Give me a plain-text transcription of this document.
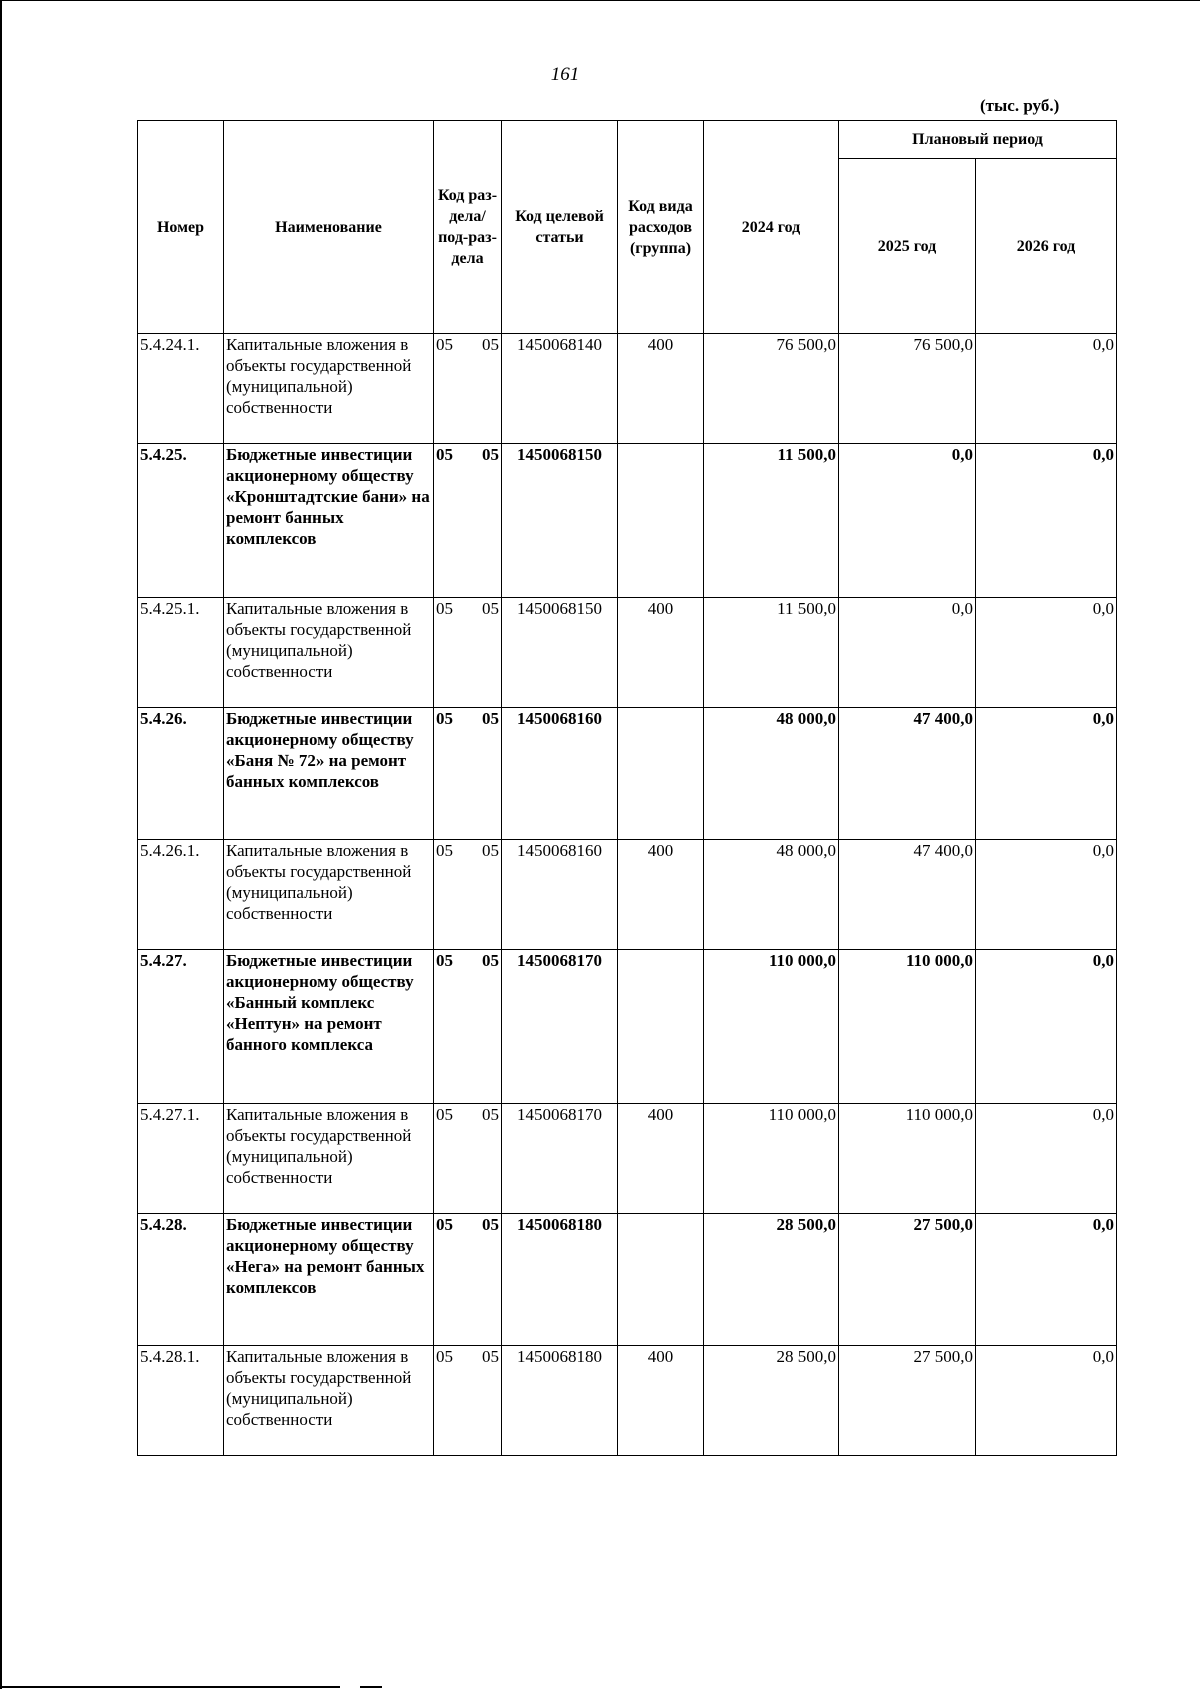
161
(тыс. руб.)
Номер	Наименование	Код раз-дела/ под-раз-дела	Код целевой статьи	Код вида расходов (группа)	2024 год	Плановый период	
						2025 год	2026 год
5.4.24.1.	Капитальные вложения в объекты государственной (муниципальной) собственности	05 05	1450068140	400	76 500,0	76 500,0	0,0
5.4.25.	Бюджетные инвестиции акционерному обществу «Кронштадтские бани» на ремонт банных комплексов	05 05	1450068150		11 500,0	0,0	0,0
5.4.25.1.	Капитальные вложения в объекты государственной (муниципальной) собственности	05 05	1450068150	400	11 500,0	0,0	0,0
5.4.26.	Бюджетные инвестиции акционерному обществу «Баня № 72» на ремонт банных комплексов	05 05	1450068160		48 000,0	47 400,0	0,0
5.4.26.1.	Капитальные вложения в объекты государственной (муниципальной) собственности	05 05	1450068160	400	48 000,0	47 400,0	0,0
5.4.27.	Бюджетные инвестиции акционерному обществу «Банный комплекс «Нептун» на ремонт банного комплекса	05 05	1450068170		110 000,0	110 000,0	0,0
5.4.27.1.	Капитальные вложения в объекты государственной (муниципальной) собственности	05 05	1450068170	400	110 000,0	110 000,0	0,0
5.4.28.	Бюджетные инвестиции акционерному обществу «Нега» на ремонт банных комплексов	05 05	1450068180		28 500,0	27 500,0	0,0
5.4.28.1.	Капитальные вложения в объекты государственной (муниципальной) собственности	05 05	1450068180	400	28 500,0	27 500,0	0,0
